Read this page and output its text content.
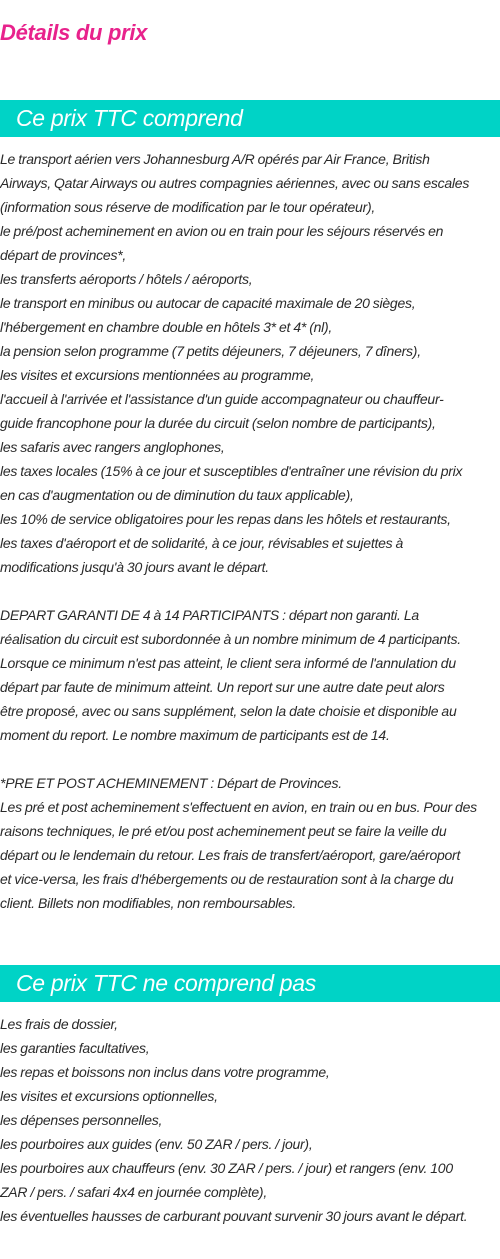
Détails du prix
Ce prix TTC comprend

Le transport aérien vers Johannesburg A/R opérés par Air France, British

Airways, Qatar Airways ou autres compagnies aériennes, avec ou sans escales

(information sous réserve de modification par le tour opérateur),

le pré/post acheminement en avion ou en train pour les séjours réservés en

départ de provinces*,

les transferts aéroports / hôtels / aéroports,

le transport en minibus ou autocar de capacité maximale de 20 sièges,

l'hébergement en chambre double en hôtels 3* et 4* (nl),

la pension selon programme (7 petits déjeuners, 7 déjeuners, 7 dîners),

les visites et excursions mentionnées au programme,

l'accueil à l'arrivée et l'assistance d'un guide accompagnateur ou chauffeur-

guide francophone pour la durée du circuit (selon nombre de participants),

les safaris avec rangers anglophones,

les taxes locales (15% à ce jour et susceptibles d'entraîner une révision du prix

en cas d'augmentation ou de diminution du taux applicable),

les 10% de service obligatoires pour les repas dans les hôtels et restaurants,

les taxes d'aéroport et de solidarité, à ce jour, révisables et sujettes à

modifications jusqu'à 30 jours avant le départ.

DEPART GARANTI DE 4 à 14 PARTICIPANTS : départ non garanti. La

réalisation du circuit est subordonnée à un nombre minimum de 4 participants.

Lorsque ce minimum n'est pas atteint, le client sera informé de l'annulation du

départ par faute de minimum atteint. Un report sur une autre date peut alors

être proposé, avec ou sans supplément, selon la date choisie et disponible au

moment du report. Le nombre maximum de participants est de 14.

*PRE ET POST ACHEMINEMENT : Départ de Provinces.

Les pré et post acheminement s'effectuent en avion, en train ou en bus. Pour des

raisons techniques, le pré et/ou post acheminement peut se faire la veille du

départ ou le lendemain du retour. Les frais de transfert/aéroport, gare/aéroport

et vice-versa, les frais d'hébergements ou de restauration sont à la charge du

client. Billets non modifiables, non remboursables.

Ce prix TTC ne comprend pas

Les frais de dossier,

les garanties facultatives,

les repas et boissons non inclus dans votre programme,

les visites et excursions optionnelles,

les dépenses personnelles,

les pourboires aux guides (env. 50 ZAR / pers. / jour),

les pourboires aux chauffeurs (env. 30 ZAR / pers. / jour) et rangers (env. 100

ZAR / pers. / safari 4x4 en journée complète),

les éventuelles hausses de carburant pouvant survenir 30 jours avant le départ.
